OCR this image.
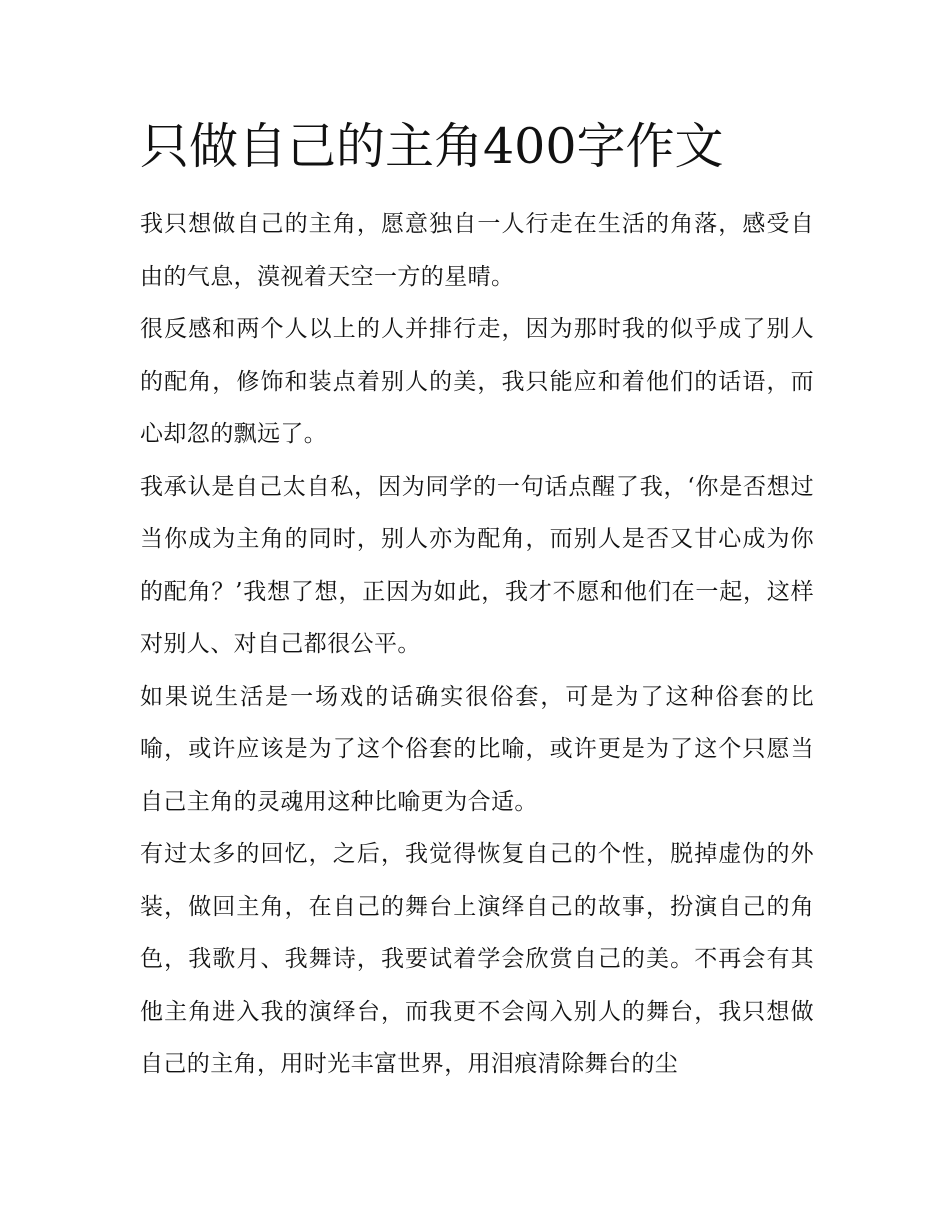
只做自己的主角400字作文

我只想做自己的主角，愿意独自一人行走在生活的角落，感受自由的气息，漠视着天空一方的星晴。

很反感和两个人以上的人并排行走，因为那时我的似乎成了别人的配角，修饰和装点着别人的美，我只能应和着他们的话语，而心却忽的飘远了。

我承认是自己太自私，因为同学的一句话点醒了我，‘你是否想过当你成为主角的同时，别人亦为配角，而别人是否又甘心成为你的配角？’我想了想，正因为如此，我才不愿和他们在一起，这样对别人、对自己都很公平。

如果说生活是一场戏的话确实很俗套，可是为了这种俗套的比喻，或许应该是为了这个俗套的比喻，或许更是为了这个只愿当自己主角的灵魂用这种比喻更为合适。

有过太多的回忆，之后，我觉得恢复自己的个性，脱掉虚伪的外装，做回主角，在自己的舞台上演绎自己的故事，扮演自己的角色，我歌月、我舞诗，我要试着学会欣赏自己的美。不再会有其他主角进入我的演绎台，而我更不会闯入别人的舞台，我只想做自己的主角，用时光丰富世界，用泪痕清除舞台的尘
